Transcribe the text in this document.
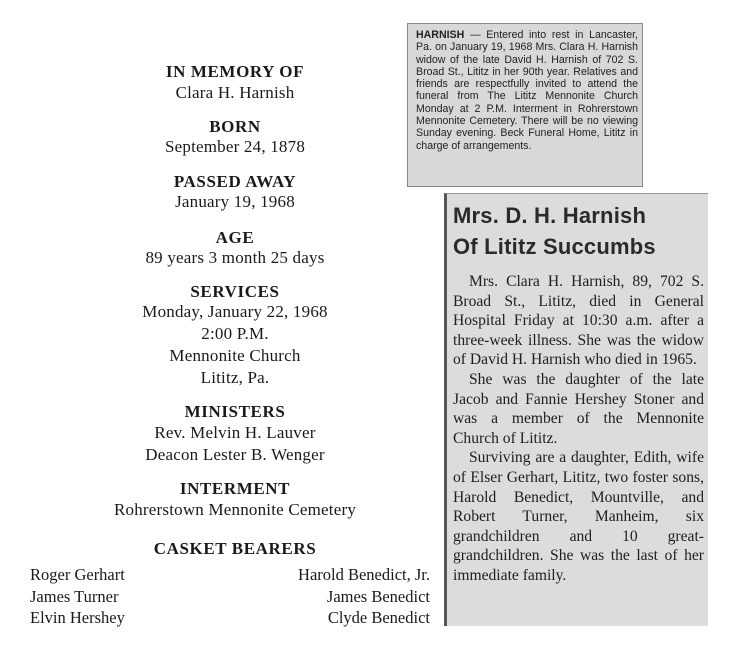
IN MEMORY OF
Clara H. Harnish
BORN
September 24, 1878
PASSED AWAY
January 19, 1968
AGE
89 years 3 month 25 days
SERVICES
Monday, January 22, 1968
2:00 P.M.
Mennonite Church
Lititz, Pa.
MINISTERS
Rev. Melvin H. Lauver
Deacon Lester B. Wenger
INTERMENT
Rohrerstown Mennonite Cemetery
CASKET BEARERS
Roger Gerhart
James Turner
Elvin Hershey
Harold Benedict, Jr.
James Benedict
Clyde Benedict
HARNISH — Entered into rest in Lancaster, Pa. on January 19, 1968 Mrs. Clara H. Harnish widow of the late David H. Harnish of 702 S. Broad St., Lititz in her 90th year. Relatives and friends are respectfully invited to attend the funeral from The Lititz Mennonite Church Monday at 2 P.M. Interment in Rohrerstown Mennonite Cemetery. There will be no viewing Sunday evening. Beck Funeral Home, Lititz in charge of arrangements.
Mrs. D. H. Harnish
Of Lititz Succumbs

Mrs. Clara H. Harnish, 89, 702 S. Broad St., Lititz, died in General Hospital Friday at 10:30 a.m. after a three-week illness. She was the widow of David H. Harnish who died in 1965.

She was the daughter of the late Jacob and Fannie Hershey Stoner and was a member of the Mennonite Church of Lititz.

Surviving are a daughter, Edith, wife of Elser Gerhart, Lititz, two foster sons, Harold Benedict, Mountville, and Robert Turner, Manheim, six grandchildren and 10 great-grandchildren. She was the last of her immediate family.
